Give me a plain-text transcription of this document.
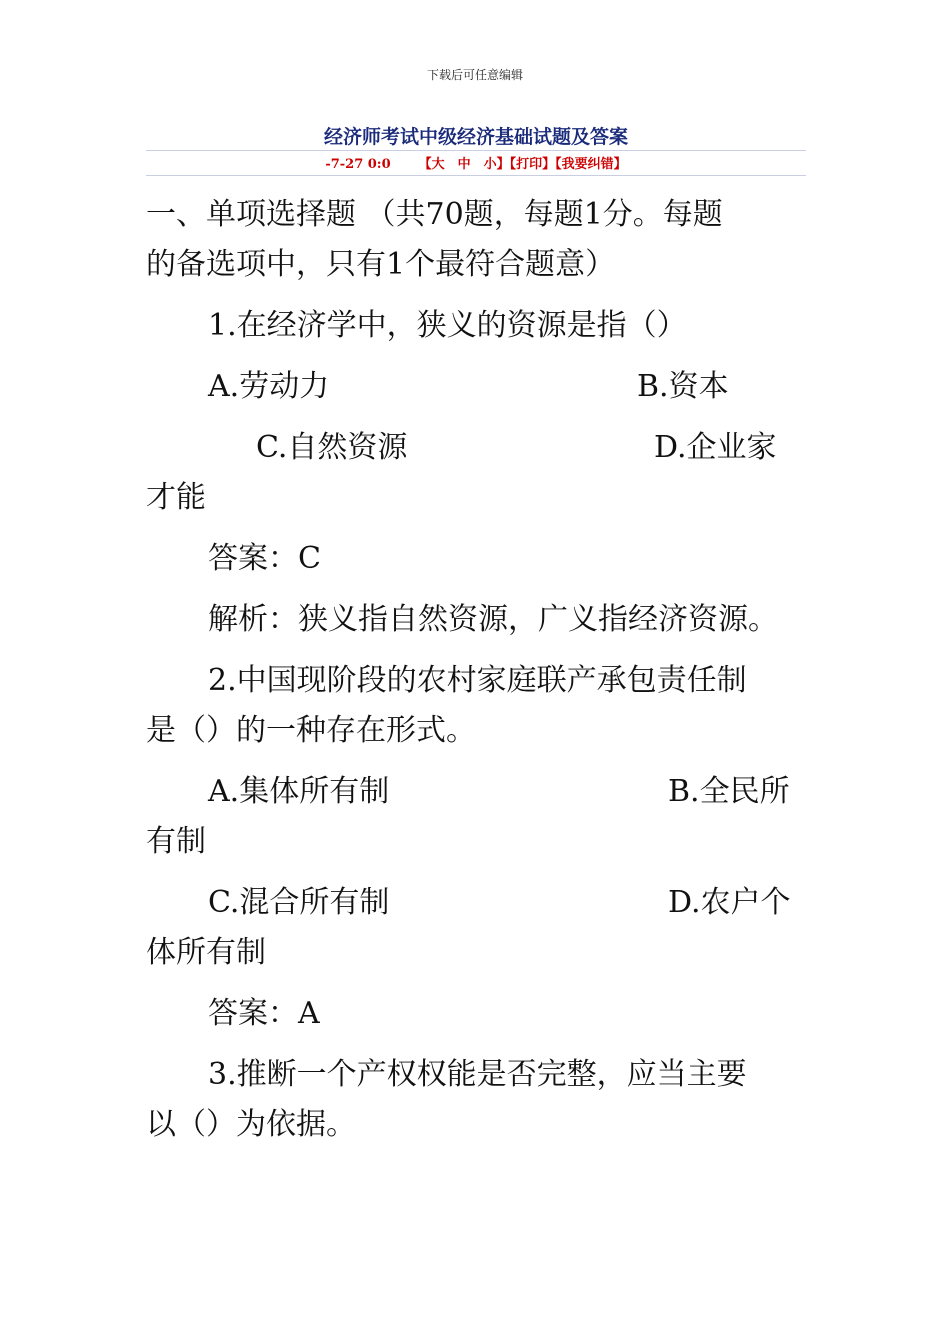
下载后可任意编辑
经济师考试中级经济基础试题及答案
-7-27 0:0 【大　中　小】【打印】【我要纠错】
一、单项选择题 （共70题，每题1分。每题
的备选项中，只有1个最符合题意）
1.在经济学中，狭义的资源是指（）
A.劳动力	B.资本
C.自然资源	D.企业家
才能
答案：C
解析：狭义指自然资源，广义指经济资源。
2.中国现阶段的农村家庭联产承包责任制
是（）的一种存在形式。
A.集体所有制	B.全民所
有制
C.混合所有制	D.农户个
体所有制
答案：A
3.推断一个产权权能是否完整，应当主要
以（）为依据。
